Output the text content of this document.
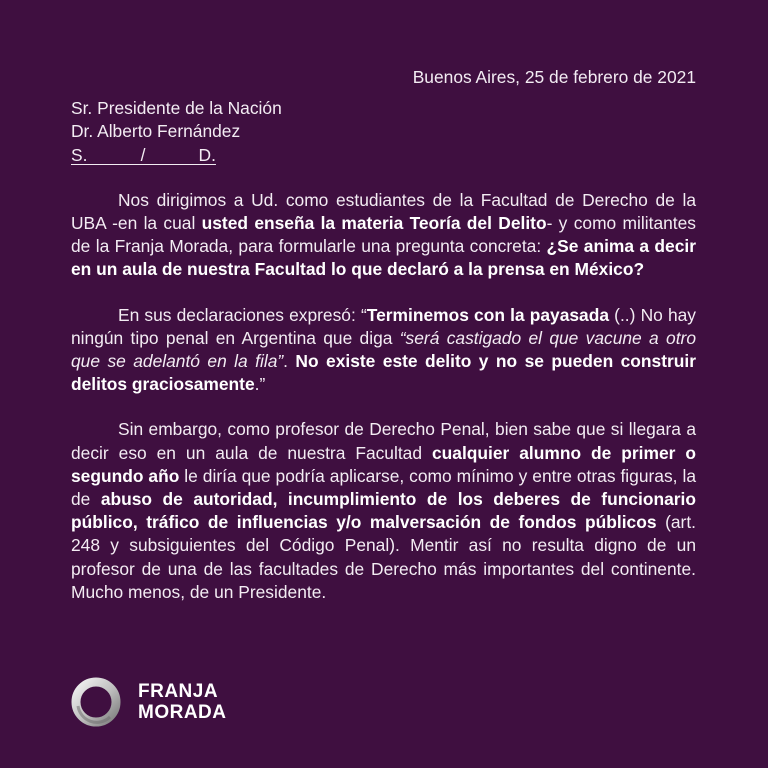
Buenos Aires, 25 de febrero de 2021

Sr. Presidente de la Nación

Dr. Alberto Fernández

S.           /           D.

Nos dirigimos a Ud. como estudiantes de la Facultad de Derecho de la UBA -en la cual usted enseña la materia Teoría del Delito- y como militantes de la Franja Morada, para formularle una pregunta concreta: ¿Se anima a decir en un aula de nuestra Facultad lo que declaró a la prensa en México?

En sus declaraciones expresó: “Terminemos con la payasada (..) No hay ningún tipo penal en Argentina que diga “será castigado el que vacune a otro que se adelantó en la fila”. No existe este delito y no se pueden construir delitos graciosamente.”

Sin embargo, como profesor de Derecho Penal, bien sabe que si llegara a decir eso en un aula de nuestra Facultad cualquier alumno de primer o segundo año le diría que podría aplicarse, como mínimo y entre otras figuras, la de abuso de autoridad, incumplimiento de los deberes de funcionario público, tráfico de influencias y/o malversación de fondos públicos (art. 248 y subsiguientes del Código Penal). Mentir así no resulta digno de un profesor de una de las facultades de Derecho más importantes del continente. Mucho menos, de un Presidente.

FRANJA
MORADA
